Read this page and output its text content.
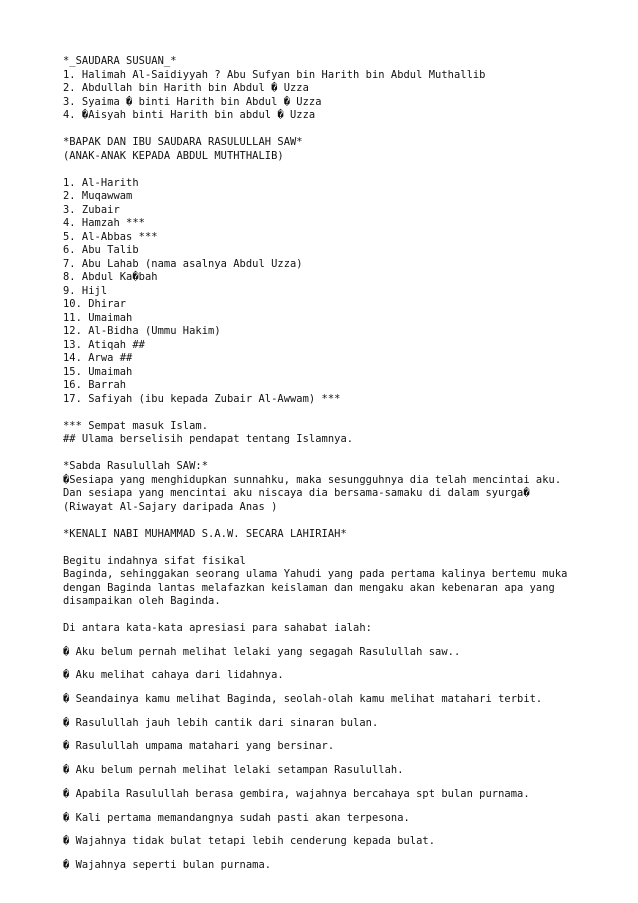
*_SAUDARA SUSUAN_*
1. Halimah Al-Saidiyyah ? Abu Sufyan bin Harith bin Abdul Muthallib
2. Abdullah bin Harith bin Abdul � Uzza
3. Syaima � binti Harith bin Abdul � Uzza
4. �Aisyah binti Harith bin abdul � Uzza
*BAPAK DAN IBU SAUDARA RASULULLAH SAW*
(ANAK-ANAK KEPADA ABDUL MUTHTHALIB)
1. Al-Harith
2. Muqawwam
3. Zubair
4. Hamzah ***
5. Al-Abbas ***
6. Abu Talib
7. Abu Lahab (nama asalnya Abdul Uzza)
8. Abdul Ka�bah
9. Hijl
10. Dhirar
11. Umaimah
12. Al-Bidha (Ummu Hakim)
13. Atiqah ##
14. Arwa ##
15. Umaimah
16. Barrah
17. Safiyah (ibu kepada Zubair Al-Awwam) ***
*** Sempat masuk Islam.
## Ulama berselisih pendapat tentang Islamnya.
*Sabda Rasulullah SAW:*
�Sesiapa yang menghidupkan sunnahku, maka sesungguhnya dia telah mencintai aku.
Dan sesiapa yang mencintai aku niscaya dia bersama-samaku di dalam syurga�
(Riwayat Al-Sajary daripada Anas )
*KENALI NABI MUHAMMAD S.A.W. SECARA LAHIRIAH*
Begitu indahnya sifat fisikal
Baginda, sehinggakan seorang ulama Yahudi yang pada pertama kalinya bertemu muka
dengan Baginda lantas melafazkan keislaman dan mengaku akan kebenaran apa yang
disampaikan oleh Baginda.
Di antara kata-kata apresiasi para sahabat ialah:
� Aku belum pernah melihat lelaki yang segagah Rasulullah saw..
� Aku melihat cahaya dari lidahnya.
� Seandainya kamu melihat Baginda, seolah-olah kamu melihat matahari terbit.
� Rasulullah jauh lebih cantik dari sinaran bulan.
� Rasulullah umpama matahari yang bersinar.
� Aku belum pernah melihat lelaki setampan Rasulullah.
� Apabila Rasulullah berasa gembira, wajahnya bercahaya spt bulan purnama.
� Kali pertama memandangnya sudah pasti akan terpesona.
� Wajahnya tidak bulat tetapi lebih cenderung kepada bulat.
� Wajahnya seperti bulan purnama.
